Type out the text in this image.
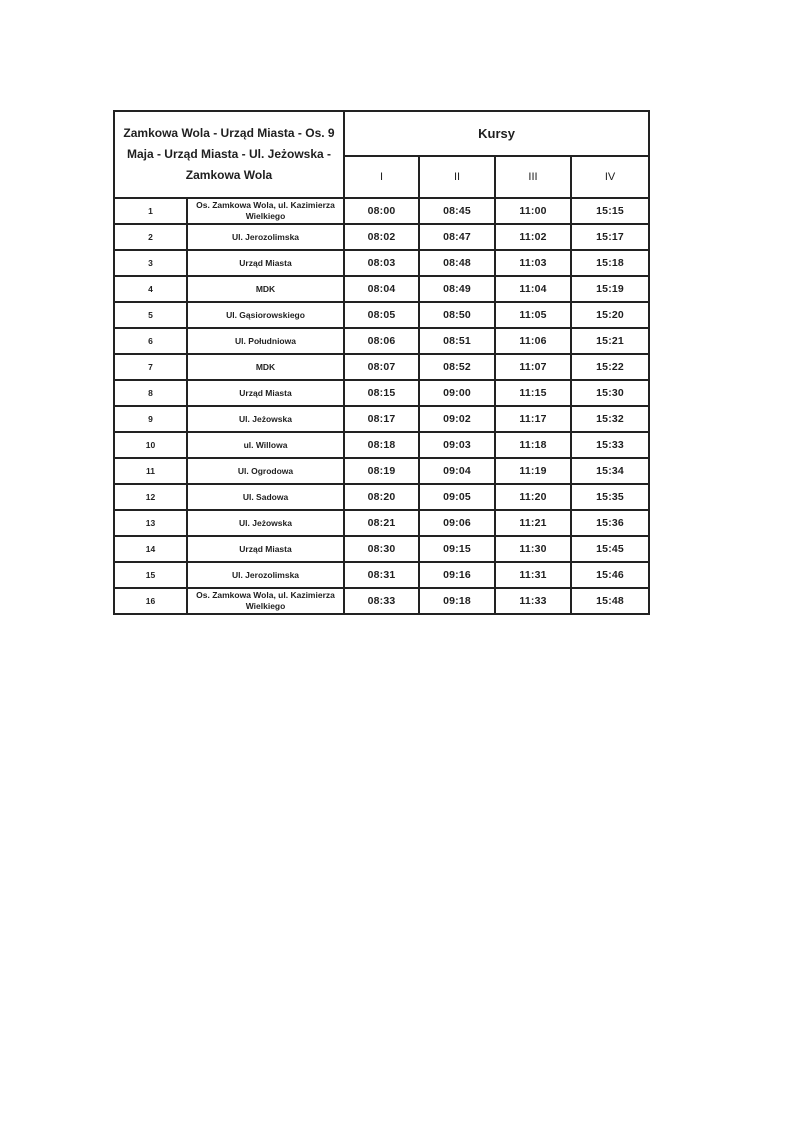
Zamkowa Wola - Urząd Miasta - Os. 9 Maja - Urząd Miasta - Ul. Jeżowska - Zamkowa Wola		Kursy			
		I	II	III	IV
1	Os. Zamkowa Wola, ul. Kazimierza Wielkiego	08:00	08:45	11:00	15:15
2	Ul. Jerozolimska	08:02	08:47	11:02	15:17
3	Urząd Miasta	08:03	08:48	11:03	15:18
4	MDK	08:04	08:49	11:04	15:19
5	Ul. Gąsiorowskiego	08:05	08:50	11:05	15:20
6	Ul. Południowa	08:06	08:51	11:06	15:21
7	MDK	08:07	08:52	11:07	15:22
8	Urząd Miasta	08:15	09:00	11:15	15:30
9	Ul. Jeżowska	08:17	09:02	11:17	15:32
10	ul. Willowa	08:18	09:03	11:18	15:33
11	Ul. Ogrodowa	08:19	09:04	11:19	15:34
12	Ul. Sadowa	08:20	09:05	11:20	15:35
13	Ul. Jeżowska	08:21	09:06	11:21	15:36
14	Urząd Miasta	08:30	09:15	11:30	15:45
15	Ul. Jerozolimska	08:31	09:16	11:31	15:46
16	Os. Zamkowa Wola, ul. Kazimierza Wielkiego	08:33	09:18	11:33	15:48
